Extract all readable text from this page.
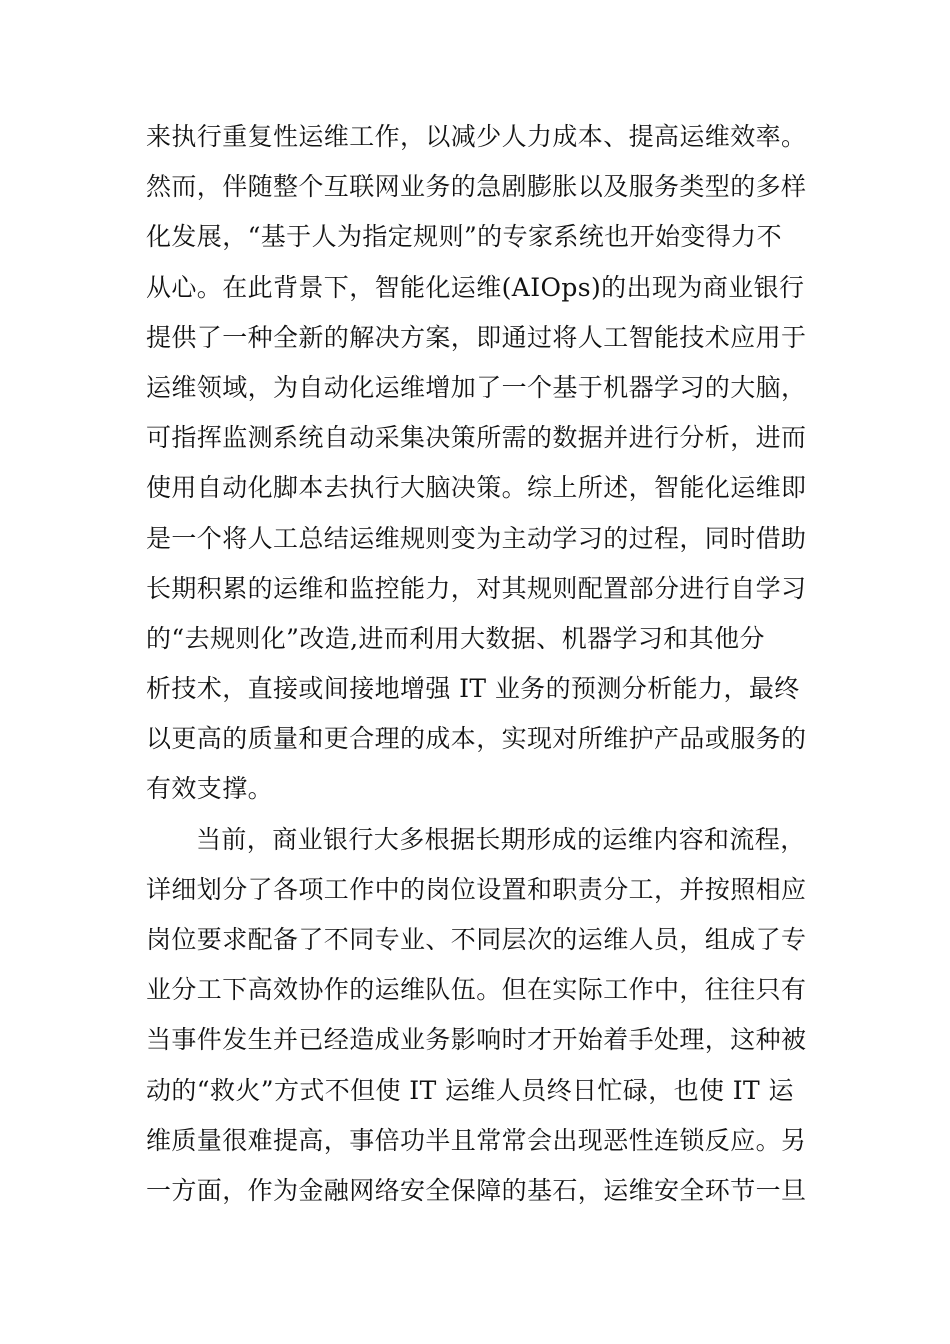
来执行重复性运维工作，以减少人力成本、提高运维效率。
然而，伴随整个互联网业务的急剧膨胀以及服务类型的多样
化发展，“基于人为指定规则”的专家系统也开始变得力不
从心。在此背景下，智能化运维(AIOps)的出现为商业银行
提供了一种全新的解决方案，即通过将人工智能技术应用于
运维领域，为自动化运维增加了一个基于机器学习的大脑，
可指挥监测系统自动采集决策所需的数据并进行分析，进而
使用自动化脚本去执行大脑决策。综上所述，智能化运维即
是一个将人工总结运维规则变为主动学习的过程，同时借助
长期积累的运维和监控能力，对其规则配置部分进行自学习
的“去规则化”改造,进而利用大数据、机器学习和其他分
析技术，直接或间接地增强 IT 业务的预测分析能力，最终
以更高的质量和更合理的成本，实现对所维护产品或服务的
有效支撑。
当前，商业银行大多根据长期形成的运维内容和流程，
详细划分了各项工作中的岗位设置和职责分工，并按照相应
岗位要求配备了不同专业、不同层次的运维人员，组成了专
业分工下高效协作的运维队伍。但在实际工作中，往往只有
当事件发生并已经造成业务影响时才开始着手处理，这种被
动的“救火”方式不但使 IT 运维人员终日忙碌，也使 IT 运
维质量很难提高，事倍功半且常常会出现恶性连锁反应。另
一方面，作为金融网络安全保障的基石，运维安全环节一旦
